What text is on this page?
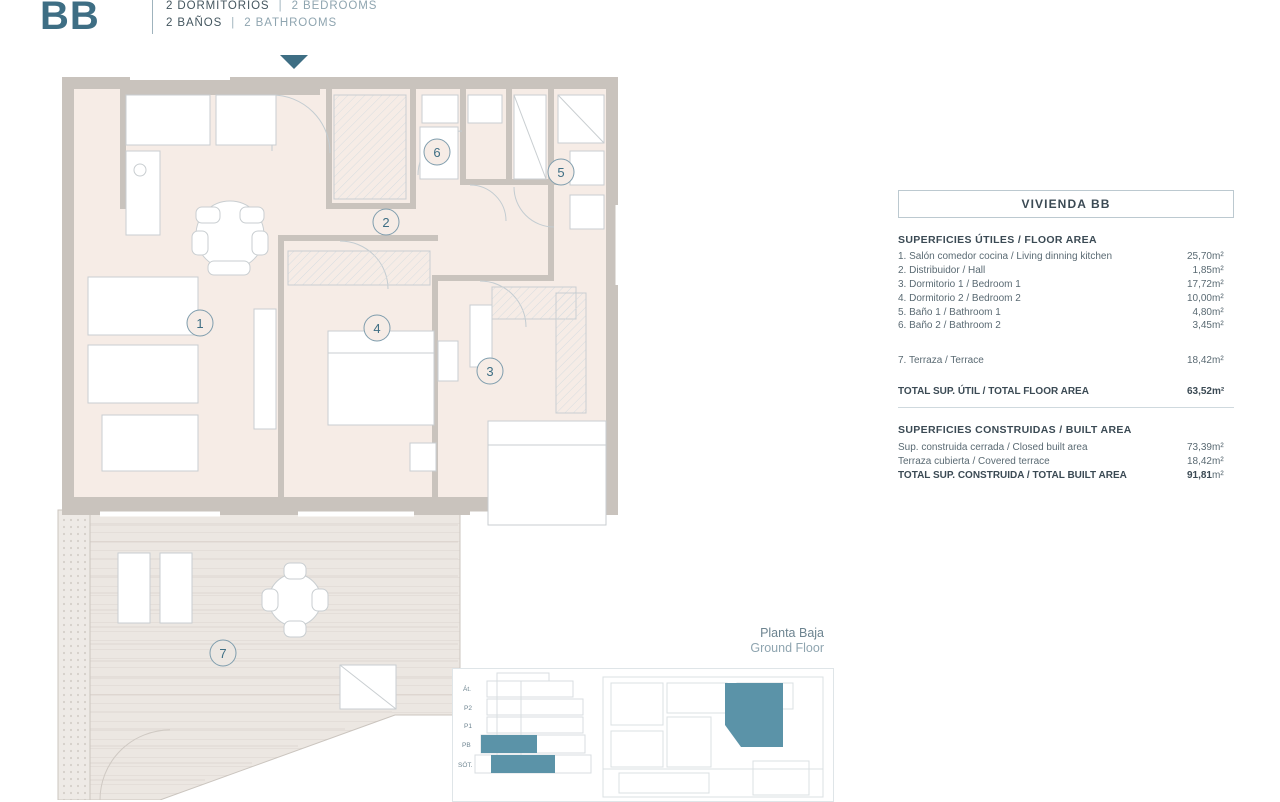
BB	2 DORMITORIOS | 2 BEDROOMS
2 BAÑOS | 2 BATHROOMS
1
2
3
4
5
6
7
VIVIENDA BB
SUPERFICIES ÚTILES / FLOOR AREA
1. Salón comedor cocina / Living dinning kitchen	25,70	m²
2. Distribuidor / Hall	1,85	m²
3. Dormitorio 1 / Bedroom 1	17,72	m²
4. Dormitorio 2 / Bedroom 2	10,00	m²
5. Baño 1 / Bathroom 1	4,80	m²
6. Baño 2 / Bathroom 2	3,45	m²

7. Terraza / Terrace	18,42	m²

TOTAL SUP. ÚTIL / TOTAL FLOOR AREA	63,52	m²
SUPERFICIES CONSTRUIDAS / BUILT AREA
Sup. construida cerrada / Closed built area	73,39	m²
Terraza cubierta / Covered terrace	18,42	m²
TOTAL SUP. CONSTRUIDA / TOTAL BUILT AREA	91,81	m²
Planta Baja
Ground Floor
Át.
P2
P1
PB
SÓT.
